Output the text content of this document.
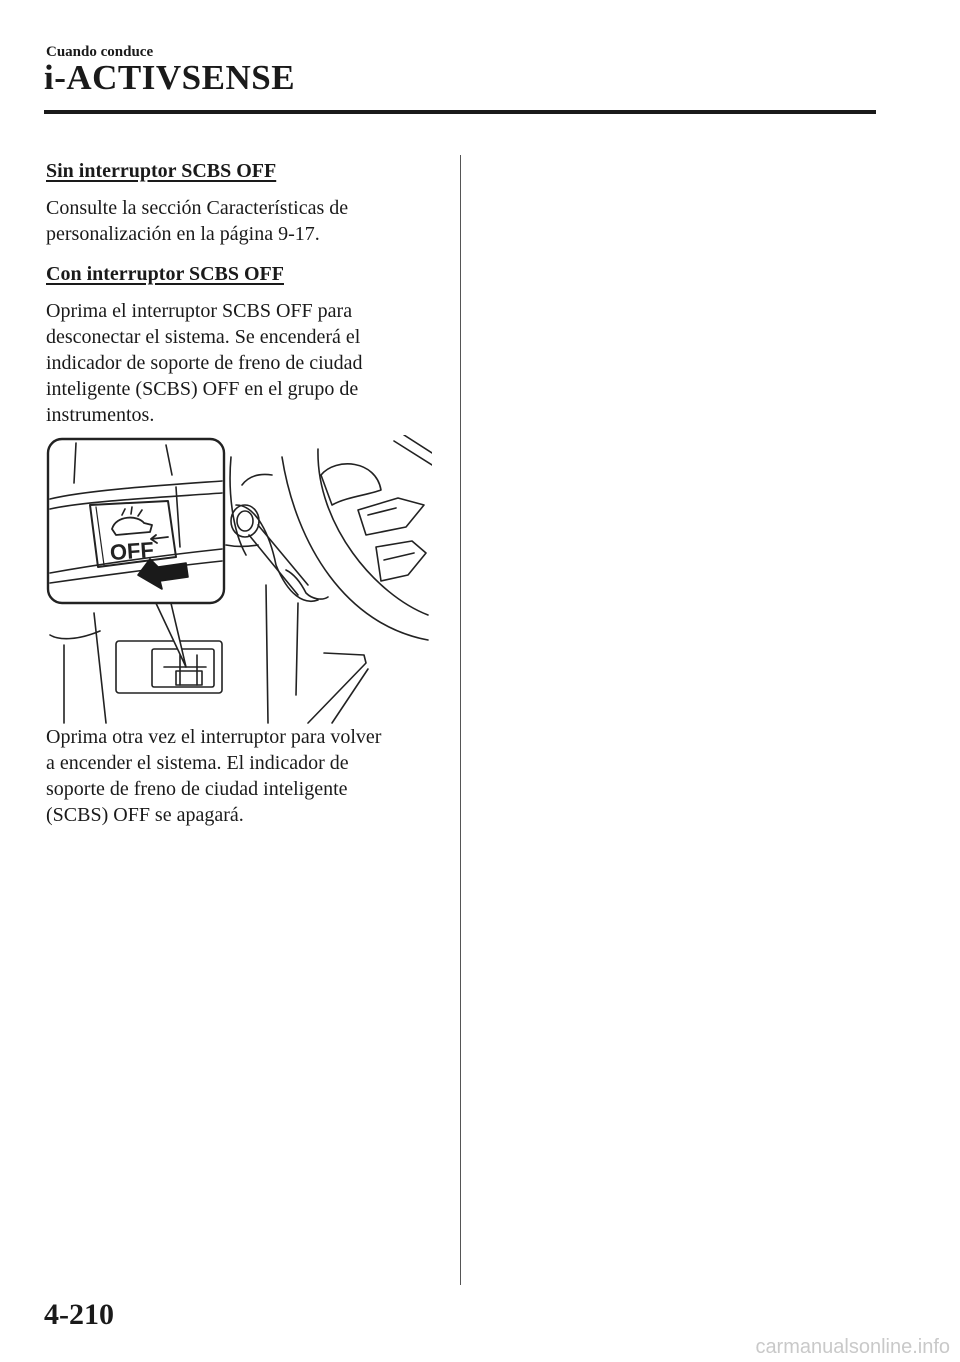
Cuando conduce
i-ACTIVSENSE

Sin interruptor SCBS OFF

Consulte la sección Características de
personalización en la página 9-17.

Con interruptor SCBS OFF

Oprima el interruptor SCBS OFF para
desconectar el sistema. Se encenderá el
indicador de soporte de freno de ciudad
inteligente (SCBS) OFF en el grupo de
instrumentos.

OFF

Oprima otra vez el interruptor para volver
a encender el sistema. El indicador de
soporte de freno de ciudad inteligente
(SCBS) OFF se apagará.

4-210
carmanualsonline.info
